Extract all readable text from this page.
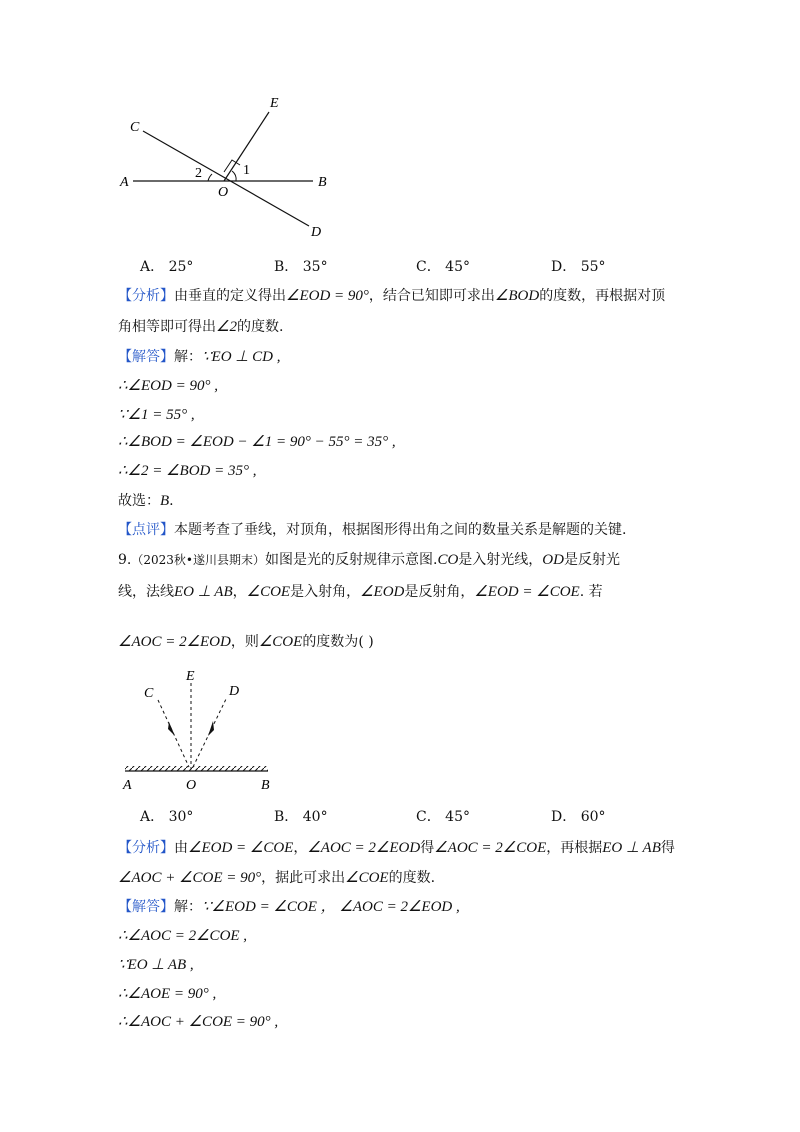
A	B
C
D
E
O
1
2
A． 25°	B． 35°	C． 45°	D． 55°
【分析】由垂直的定义得出∠EOD = 90°，结合已知即可求出∠BOD的度数，再根据对顶
角相等即可得出∠2的度数.
【解答】解：∵EO ⊥ CD ,
∴∠EOD = 90° ,
∵∠1 = 55° ,
∴∠BOD = ∠EOD − ∠1 = 90° − 55° = 35° ,
∴∠2 = ∠BOD = 35° ,
故选：B.
【点评】本题考查了垂线，对顶角，根据图形得出角之间的数量关系是解题的关键.
9.（2023秋•遂川县期末）如图是光的反射规律示意图.CO是入射光线，OD是反射光
线，法线EO ⊥ AB，∠COE是入射角，∠EOD是反射角，∠EOD = ∠COE. 若
∠AOC = 2∠EOD，则∠COE的度数为( )
C
E
D
A	O	B
A． 30°	B． 40°	C． 45°	D． 60°
【分析】由∠EOD = ∠COE，∠AOC = 2∠EOD得∠AOC = 2∠COE，再根据EO ⊥ AB得
∠AOC + ∠COE = 90°，据此可求出∠COE的度数.
【解答】解：∵∠EOD = ∠COE ， ∠AOC = 2∠EOD ,
∴∠AOC = 2∠COE ,
∵EO ⊥ AB ,
∴∠AOE = 90° ,
∴∠AOC + ∠COE = 90° ,
